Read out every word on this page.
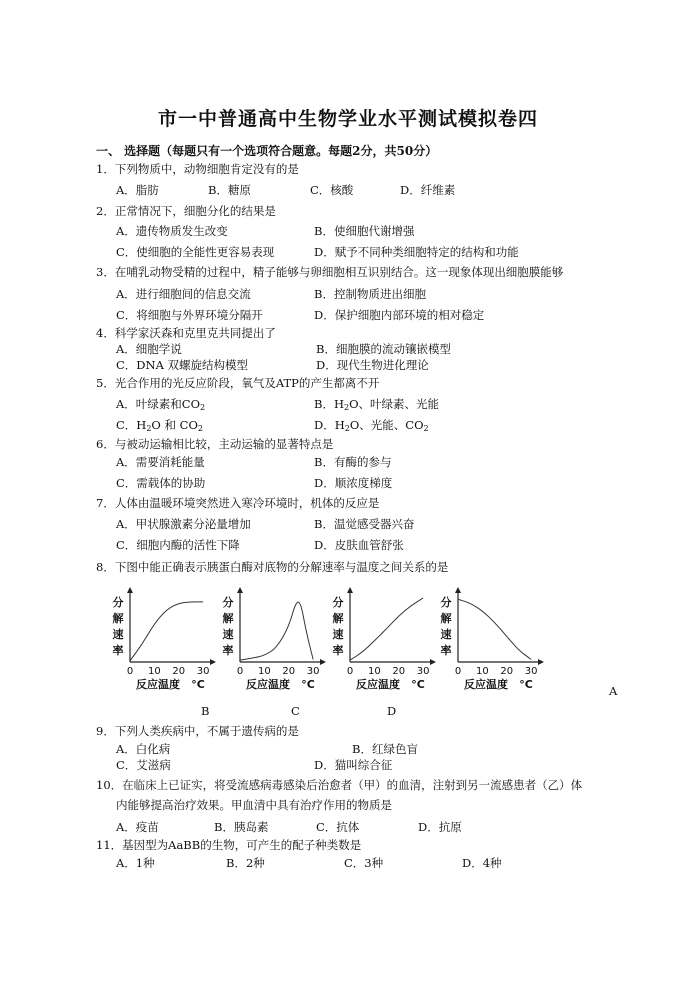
市一中普通高中生物学业水平测试模拟卷四
一、 选择题（每题只有一个选项符合题意。每题2分，共50分）
1．下列物质中，动物细胞肯定没有的是
A．脂肪	B．糖原	C．核酸	D．纤维素
2．正常情况下，细胞分化的结果是
A．遗传物质发生改变	B．使细胞代谢增强
C．使细胞的全能性更容易表现	D．赋予不同种类细胞特定的结构和功能
3．在哺乳动物受精的过程中，精子能够与卵细胞相互识别结合。这一现象体现出细胞膜能够
A．进行细胞间的信息交流	B．控制物质进出细胞
C．将细胞与外界环境分隔开	D．保护细胞内部环境的相对稳定
4．科学家沃森和克里克共同提出了
A．细胞学说	B．细胞膜的流动镶嵌模型
C．DNA 双螺旋结构模型	D．现代生物进化理论
5．光合作用的光反应阶段，氧气及ATP的产生都离不开
A．叶绿素和$CO_2$	B．$H_2O$、叶绿素、光能
C．$H_2O$ 和 $CO_2$	D．$H_2O$、光能、$CO_2$
6．与被动运输相比较，主动运输的显著特点是
A．需要消耗能量	B．有酶的参与
C．需载体的协助	D．顺浓度梯度
7．人体由温暖环境突然进入寒冷环境时，机体的反应是
A．甲状腺激素分泌量增加	B．温觉感受器兴奋
C．细胞内酶的活性下降	D．皮肤血管舒张
8．下图中能正确表示胰蛋白酶对底物的分解速率与温度之间关系的是
分
解
速
率
0 10 20 30
反应温度 °C
分
解
速
率
0 10 20 30
反应温度 °C
分
解
速
率
0 10 20 30
反应温度 °C
分
解
速
率
0 10 20 30
反应温度 °C	A
B	C	D
9．下列人类疾病中，不属于遗传病的是
A．白化病	B．红绿色盲
C．艾滋病	D．猫叫综合征
10．在临床上已证实，将受流感病毒感染后治愈者（甲）的血清，注射到另一流感患者（乙）体
内能够提高治疗效果。甲血清中具有治疗作用的物质是
A．疫苗	B．胰岛素	C．抗体	D．抗原
11．基因型为AaBB的生物，可产生的配子种类数是
A．1种	B．2种	C．3种	D．4种
